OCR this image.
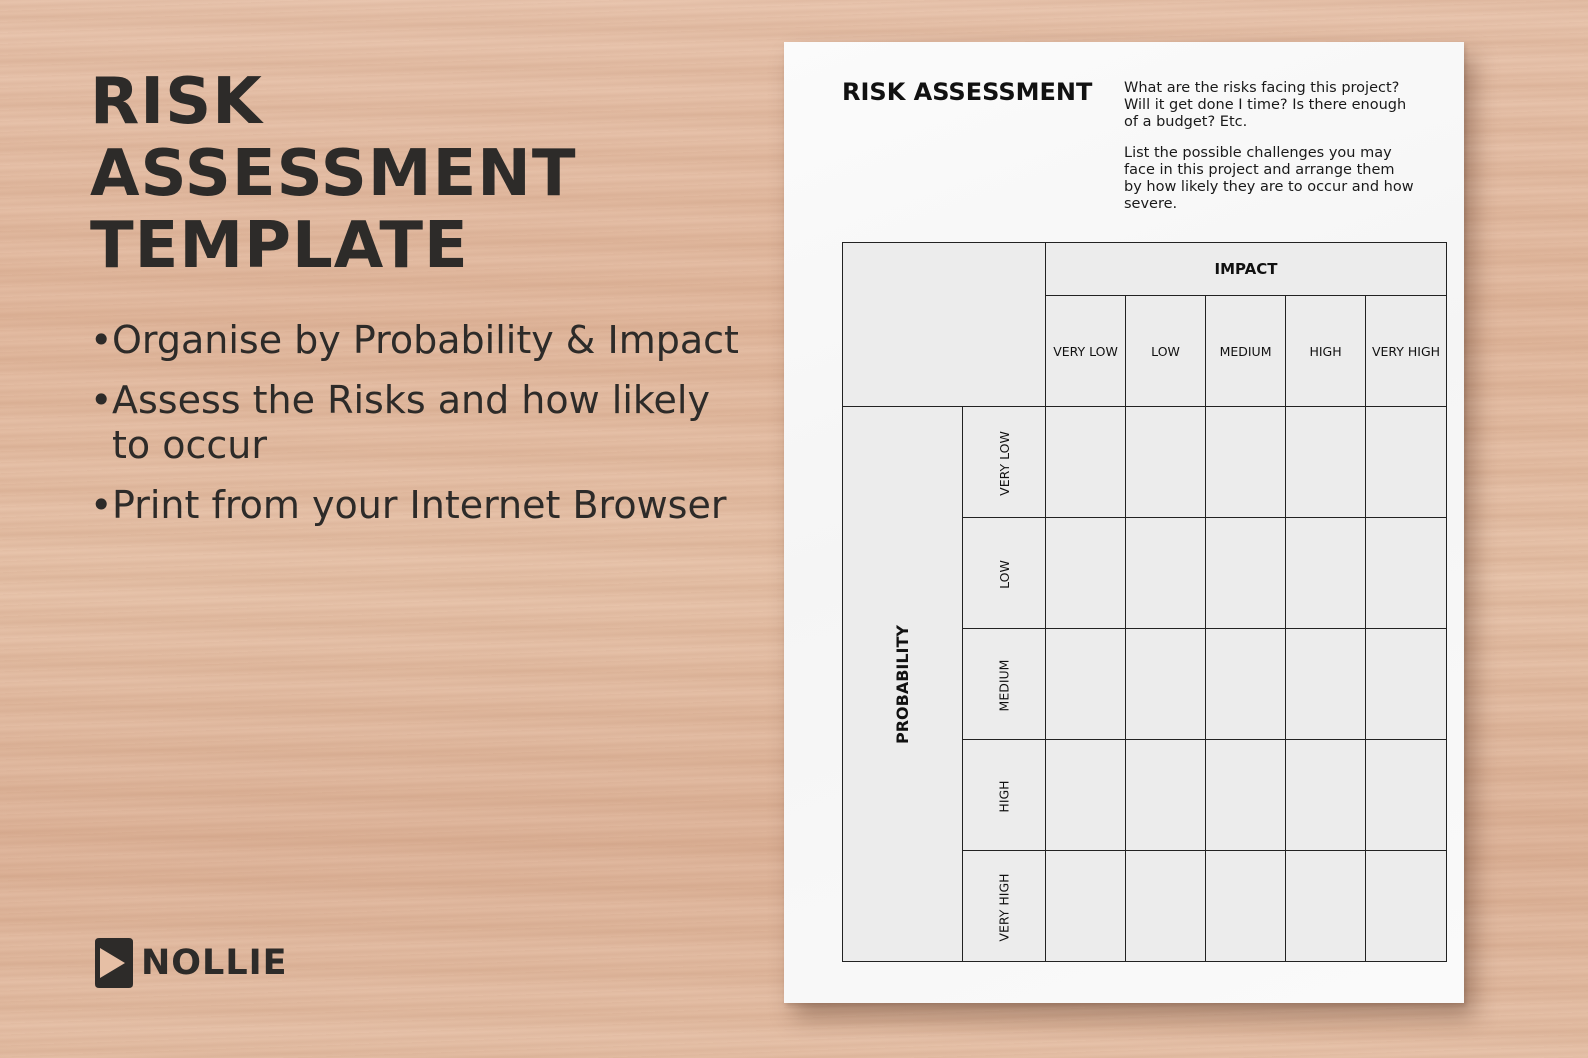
RISK
ASSESSMENT
TEMPLATE
• Organise by Probability & Impact
• Assess the Risks and how likely to occur
• Print from your Internet Browser
NOLLIE
RISK ASSESSMENT What are the risks facing this project? Will it get done I time? Is there enough of a budget? Etc.

List the possible challenges you may face in this project and arrange them by how likely they are to occur and how severe.

		IMPACT				
		VERY LOW	LOW	MEDIUM	HIGH	VERY HIGH
PROBABILITY	VERY LOW					
	LOW					
	MEDIUM					
	HIGH					
	VERY HIGH					
